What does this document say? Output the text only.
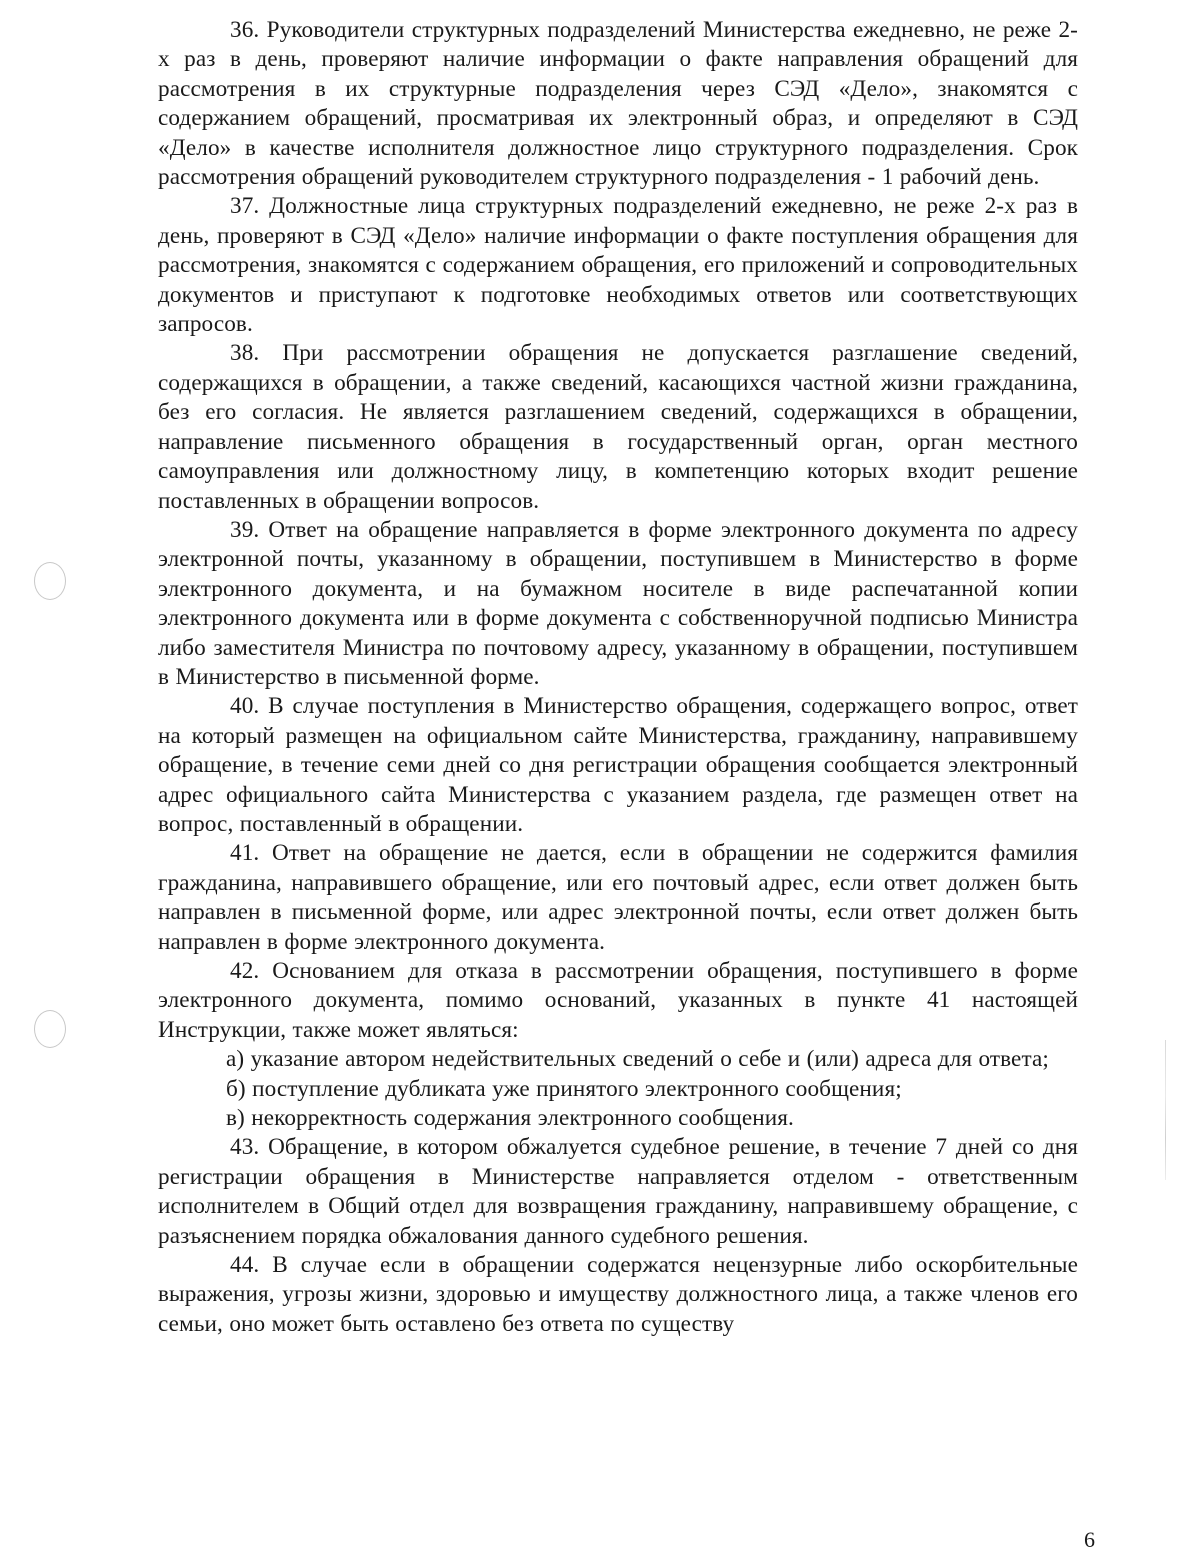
36. Руководители структурных подразделений Министерства ежедневно, не реже 2-х раз в день, проверяют наличие информации о факте направления обращений для рассмотрения в их структурные подразделения через СЭД «Дело», знакомятся с содержанием обращений, просматривая их электронный образ, и определяют в СЭД «Дело» в качестве исполнителя должностное лицо структурного подразделения. Срок рассмотрения обращений руководителем структурного подразделения - 1 рабочий день.

37. Должностные лица структурных подразделений ежедневно, не реже 2-х раз в день, проверяют в СЭД «Дело» наличие информации о факте поступления обращения для рассмотрения, знакомятся с содержанием обращения, его приложений и сопроводительных документов и приступают к подготовке необходимых ответов или соответствующих запросов.

38. При рассмотрении обращения не допускается разглашение сведений, содержащихся в обращении, а также сведений, касающихся частной жизни гражданина, без его согласия. Не является разглашением сведений, содержащихся в обращении, направление письменного обращения в государственный орган, орган местного самоуправления или должностному лицу, в компетенцию которых входит решение поставленных в обращении вопросов.

39. Ответ на обращение направляется в форме электронного документа по адресу электронной почты, указанному в обращении, поступившем в Министерство в форме электронного документа, и на бумажном носителе в виде распечатанной копии электронного документа или в форме документа с собственноручной подписью Министра либо заместителя Министра по почтовому адресу, указанному в обращении, поступившем в Министерство в письменной форме.

40. В случае поступления в Министерство обращения, содержащего вопрос, ответ на который размещен на официальном сайте Министерства, гражданину, направившему обращение, в течение семи дней со дня регистрации обращения сообщается электронный адрес официального сайта Министерства с указанием раздела, где размещен ответ на вопрос, поставленный в обращении.

41. Ответ на обращение не дается, если в обращении не содержится фамилия гражданина, направившего обращение, или его почтовый адрес, если ответ должен быть направлен в письменной форме, или адрес электронной почты, если ответ должен быть направлен в форме электронного документа.

42. Основанием для отказа в рассмотрении обращения, поступившего в форме электронного документа, помимо оснований, указанных в пункте 41 настоящей Инструкции, также может являться:

а) указание автором недействительных сведений о себе и (или) адреса для ответа;

б) поступление дубликата уже принятого электронного сообщения;

в) некорректность содержания электронного сообщения.

43. Обращение, в котором обжалуется судебное решение, в течение 7 дней со дня регистрации обращения в Министерстве направляется отделом - ответственным исполнителем в Общий отдел для возвращения гражданину, направившему обращение, с разъяснением порядка обжалования данного судебного решения.

44. В случае если в обращении содержатся нецензурные либо оскорбительные выражения, угрозы жизни, здоровью и имуществу должностного лица, а также членов его семьи, оно может быть оставлено без ответа по существу

6
